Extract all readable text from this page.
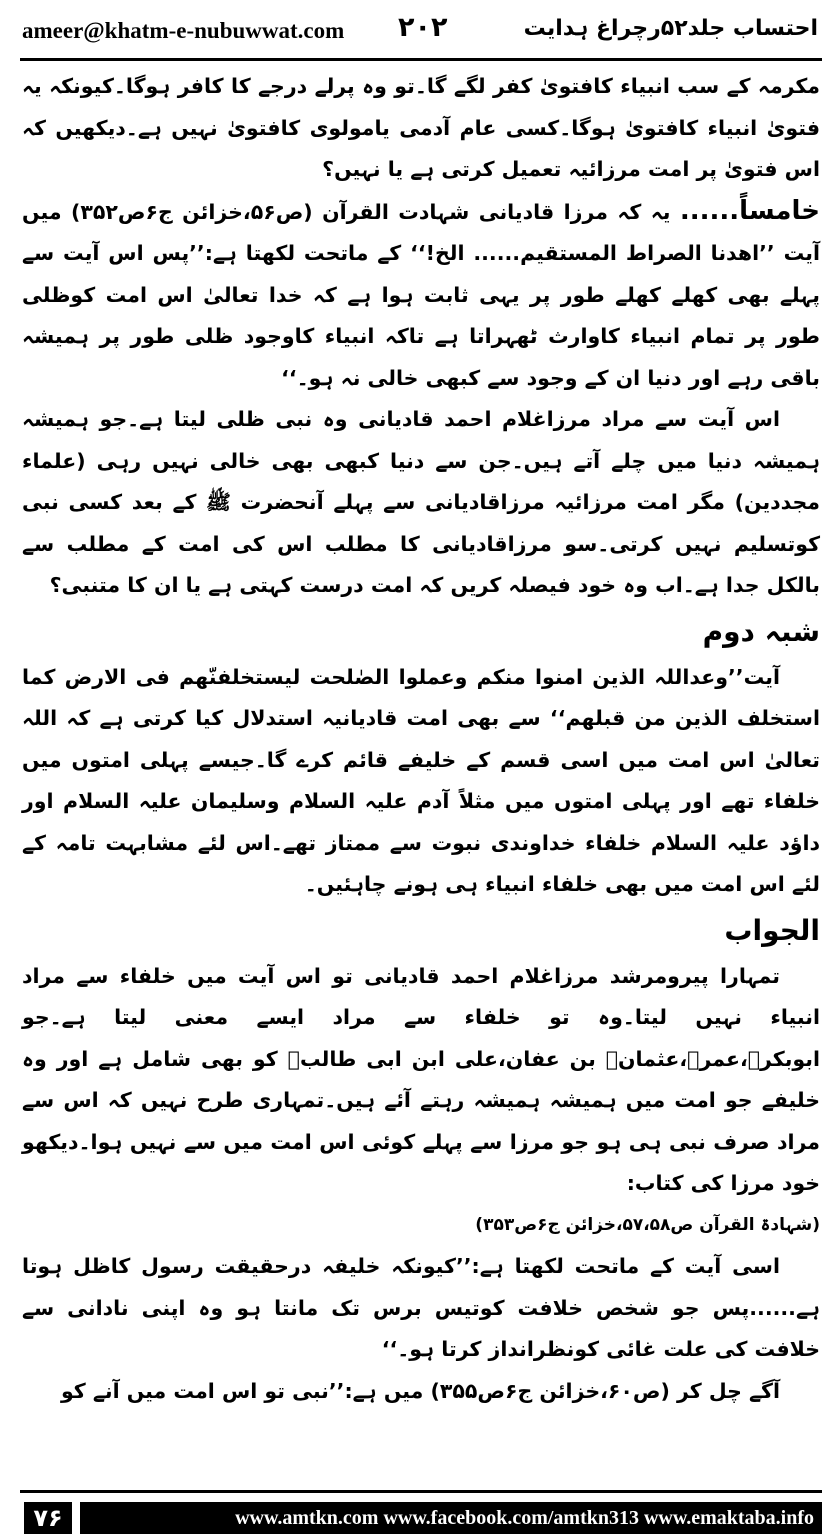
ameer@khatm-e-nubuwwat.com ۲۰۲	احتساب جلد۵۲رچراغ ہدایت

مکرمہ کے سب انبیاء کافتویٰ کفر لگے گا۔تو وہ پرلے درجے کا کافر ہوگا۔کیونکہ یہ فتویٰ انبیاء کافتویٰ ہوگا۔کسی عام آدمی یامولوی کافتویٰ نہیں ہے۔دیکھیں کہ اس فتویٰ پر امت مرزائیہ تعمیل کرتی ہے یا نہیں؟

خامساً...... یہ کہ مرزا قادیانی شہادت القرآن (ص۵۶،خزائن ج۶ص۳۵۲) میں آیت ’’اھدنا الصراط المستقیم...... الخ!‘‘ کے ماتحت لکھتا ہے:’’پس اس آیت سے پہلے بھی کھلے کھلے طور پر یہی ثابت ہوا ہے کہ خدا تعالیٰ اس امت کوظلی طور پر تمام انبیاء کاوارث ٹھہراتا ہے تاکہ انبیاء کاوجود ظلی طور پر ہمیشہ باقی رہے اور دنیا ان کے وجود سے کبھی خالی نہ ہو۔‘‘

اس آیت سے مراد مرزاغلام احمد قادیانی وہ نبی ظلی لیتا ہے۔جو ہمیشہ ہمیشہ دنیا میں چلے آتے ہیں۔جن سے دنیا کبھی بھی خالی نہیں رہی (علماء مجددین) مگر امت مرزائیہ مرزاقادیانی سے پہلے آنحضرت ﷺ کے بعد کسی نبی کوتسلیم نہیں کرتی۔سو مرزاقادیانی کا مطلب اس کی امت کے مطلب سے بالکل جدا ہے۔اب وہ خود فیصلہ کریں کہ امت درست کہتی ہے یا ان کا متنبی؟

شبہ دوم

آیت’’وعداللہ الذین امنوا منکم وعملوا الصٰلحت لیستخلفنّھم فی الارض کما استخلف الذین من قبلھم‘‘ سے بھی امت قادیانیہ استدلال کیا کرتی ہے کہ اللہ تعالیٰ اس امت میں اسی قسم کے خلیفے قائم کرے گا۔جیسے پہلی امتوں میں خلفاء تھے اور پہلی امتوں میں مثلاً آدم علیہ السلام وسلیمان علیہ السلام اور داؤد علیہ السلام خلفاء خداوندی نبوت سے ممتاز تھے۔اس لئے مشابہت تامہ کے لئے اس امت میں بھی خلفاء انبیاء ہی ہونے چاہئیں۔

الجواب

تمہارا پیرومرشد مرزاغلام احمد قادیانی تو اس آیت میں خلفاء سے مراد انبیاء نہیں لیتا۔وہ تو خلفاء سے مراد ایسے معنی لیتا ہے۔جو ابوبکرؓ،عمرؓ،عثمانؓ بن عفان،علی ابن ابی طالبؓ کو بھی شامل ہے اور وہ خلیفے جو امت میں ہمیشہ ہمیشہ رہتے آئے ہیں۔تمہاری طرح نہیں کہ اس سے مراد صرف نبی ہی ہو جو مرزا سے پہلے کوئی اس امت میں سے نہیں ہوا۔دیکھو خود مرزا کی کتاب:

(شہادۃ القرآن ص۵۷،۵۸،خزائن ج۶ص۳۵۳)

اسی آیت کے ماتحت لکھتا ہے:’’کیونکہ خلیفہ درحقیقت رسول کاظل ہوتا ہے......پس جو شخص خلافت کوتیس برس تک مانتا ہو وہ اپنی نادانی سے خلافت کی علت غائی کونظرانداز کرتا ہو۔‘‘

آگے چل کر (ص۶۰،خزائن ج۶ص۳۵۵) میں ہے:’’نبی تو اس امت میں آنے کو

۷۶	www.amtkn.com www.facebook.com/amtkn313 www.emaktaba.info
